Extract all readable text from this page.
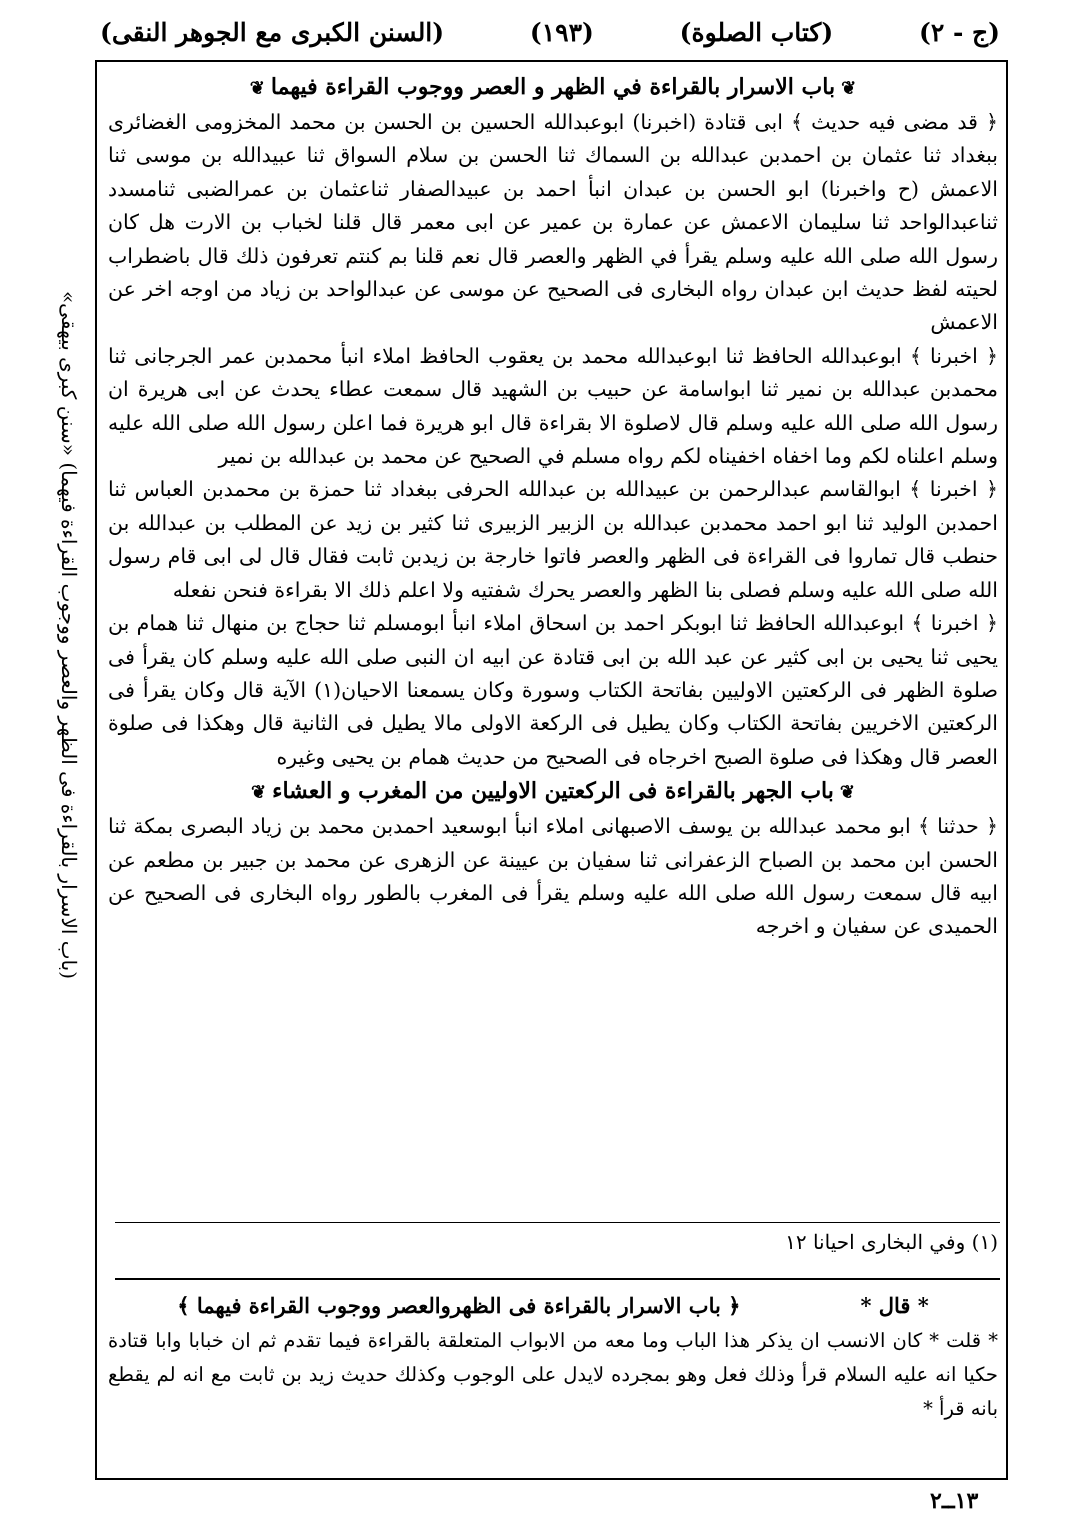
(السنن الكبرى مع الجوهر النقى)	(١٩٣)	(كتاب الصلوة)	(ج - ٢)
(باب الاسرار بالقراءة فى الظهر والعصر ووجوب القراءة فيهما) «سنن كبرى بيهقى»
❦باب الاسرار بالقراءة في الظهر و العصر ووجوب القراءة فيهما❦

﴿ قد مضى فيه حديث ﴾ ابى قتادة (اخبرنا) ابوعبدالله الحسين بن الحسن بن محمد المخزومى الغضائرى ببغداد ثنا عثمان بن احمدبن عبدالله بن السماك ثنا الحسن بن سلام السواق ثنا عبيدالله بن موسى ثنا الاعمش (ح واخبرنا) ابو الحسن بن عبدان انبأ احمد بن عبيدالصفار ثناعثمان بن عمرالضبى ثنامسدد ثناعبدالواحد ثنا سليمان الاعمش عن عمارة بن عمير عن ابى معمر قال قلنا لخباب بن الارت هل كان رسول الله صلى الله عليه وسلم يقرأ في الظهر والعصر قال نعم قلنا بم كنتم تعرفون ذلك قال باضطراب لحيته لفظ حديث ابن عبدان رواه البخارى فى الصحيح عن موسى عن عبدالواحد بن زياد من اوجه اخر عن الاعمش

﴿ اخبرنا ﴾ ابوعبدالله الحافظ ثنا ابوعبدالله محمد بن يعقوب الحافظ املاء انبأ محمدبن عمر الجرجانى ثنا محمدبن عبدالله بن نمير ثنا ابواسامة عن حبيب بن الشهيد قال سمعت عطاء يحدث عن ابى هريرة ان رسول الله صلى الله عليه وسلم قال لاصلوة الا بقراءة قال ابو هريرة فما اعلن رسول الله صلى الله عليه وسلم اعلناه لكم وما اخفاه اخفيناه لكم رواه مسلم في الصحيح عن محمد بن عبدالله بن نمير

﴿ اخبرنا ﴾ ابوالقاسم عبدالرحمن بن عبيدالله بن عبدالله الحرفى ببغداد ثنا حمزة بن محمدبن العباس ثنا احمدبن الوليد ثنا ابو احمد محمدبن عبدالله بن الزبير الزبيرى ثنا كثير بن زيد عن المطلب بن عبدالله بن حنطب قال تماروا فى القراءة فى الظهر والعصر فاتوا خارجة بن زيدبن ثابت فقال قال لى ابى قام رسول الله صلى الله عليه وسلم فصلى بنا الظهر والعصر يحرك شفتيه ولا اعلم ذلك الا بقراءة فنحن نفعله

﴿ اخبرنا ﴾ ابوعبدالله الحافظ ثنا ابوبكر احمد بن اسحاق املاء انبأ ابومسلم ثنا حجاج بن منهال ثنا همام بن يحيى ثنا يحيى بن ابى كثير عن عبد الله بن ابى قتادة عن ابيه ان النبى صلى الله عليه وسلم كان يقرأ فى صلوة الظهر فى الركعتين الاوليين بفاتحة الكتاب وسورة وكان يسمعنا الاحيان(١) الآية قال وكان يقرأ فى الركعتين الاخريين بفاتحة الكتاب وكان يطيل فى الركعة الاولى مالا يطيل فى الثانية قال وهكذا فى صلوة العصر قال وهكذا فى صلوة الصبح اخرجاه فى الصحيح من حديث همام بن يحيى وغيره

❦باب الجهر بالقراءة فى الركعتين الاوليين من المغرب و العشاء❦

﴿ حدثنا ﴾ ابو محمد عبدالله بن يوسف الاصبهانى املاء انبأ ابوسعيد احمدبن محمد بن زياد البصرى بمكة ثنا الحسن ابن محمد بن الصباح الزعفرانى ثنا سفيان بن عيينة عن الزهرى عن محمد بن جبير بن مطعم عن ابيه قال سمعت رسول الله صلى الله عليه وسلم يقرأ فى المغرب بالطور رواه البخارى فى الصحيح عن الحميدى عن سفيان و اخرجه

(١) وفي البخارى احيانا ١٢
* قال *
﴿ باب الاسرار بالقراءة فى الظهروالعصر ووجوب القراءة فيهما ﴾

* قلت * كان الانسب ان يذكر هذا الباب وما معه من الابواب المتعلقة بالقراءة فيما تقدم ثم ان خبابا وابا قتادة حكيا انه عليه السلام قرأ وذلك فعل وهو بمجرده لايدل على الوجوب وكذلك حديث زيد بن ثابت مع انه لم يقطع بانه قرأ *

١٣ــ٢
